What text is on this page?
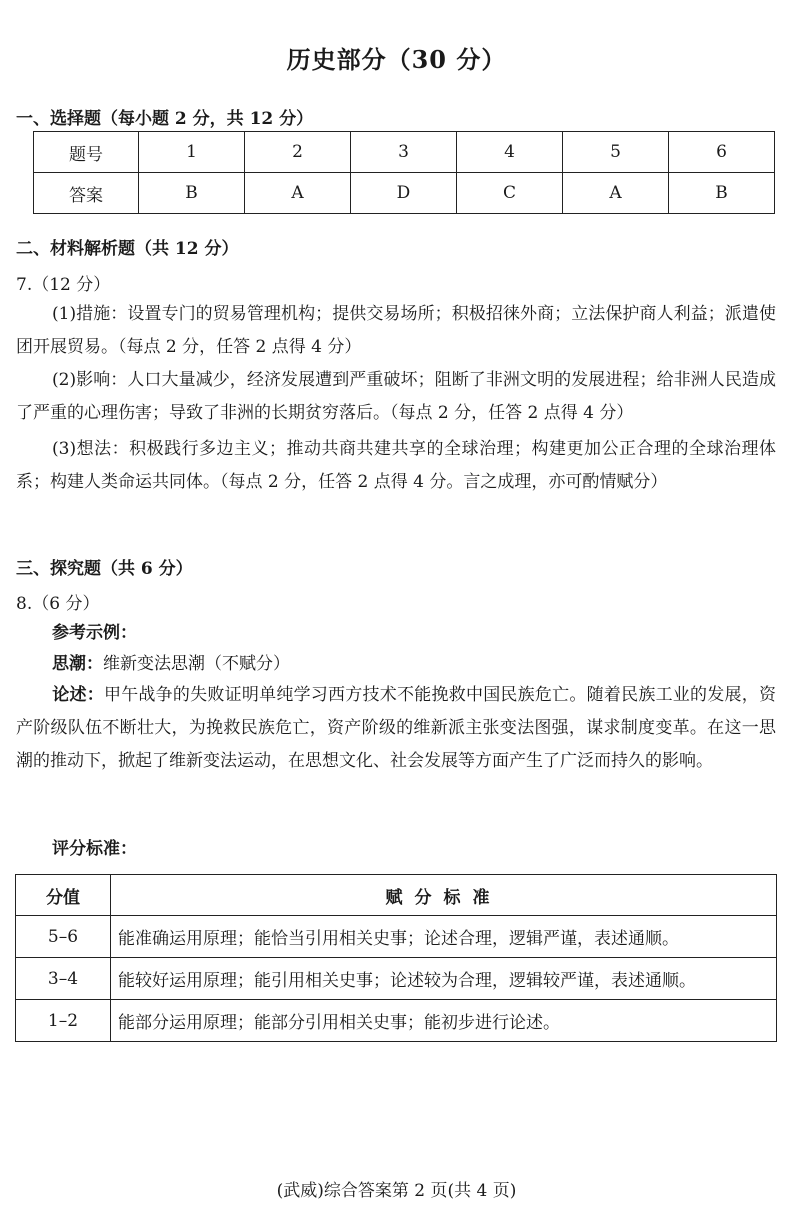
历史部分（30 分）
一、选择题（每小题 2 分，共 12 分）
题号	1	2	3	4	5	6
答案	B	A	D	C	A	B
二、材料解析题（共 12 分）
7.（12 分）
(1)措施：设置专门的贸易管理机构；提供交易场所；积极招徕外商；立法保护商人利益；派遣使团开展贸易。（每点 2 分，任答 2 点得 4 分）
(2)影响：人口大量减少，经济发展遭到严重破坏；阻断了非洲文明的发展进程；给非洲人民造成了严重的心理伤害；导致了非洲的长期贫穷落后。（每点 2 分，任答 2 点得 4 分）
(3)想法：积极践行多边主义；推动共商共建共享的全球治理；构建更加公正合理的全球治理体系；构建人类命运共同体。（每点 2 分，任答 2 点得 4 分。言之成理，亦可酌情赋分）
三、探究题（共 6 分）
8.（6 分）
参考示例：
思潮：维新变法思潮（不赋分）
论述：甲午战争的失败证明单纯学习西方技术不能挽救中国民族危亡。随着民族工业的发展，资产阶级队伍不断壮大，为挽救民族危亡，资产阶级的维新派主张变法图强，谋求制度变革。在这一思潮的推动下，掀起了维新变法运动，在思想文化、社会发展等方面产生了广泛而持久的影响。
评分标准：
分值	赋分标准
5–6	能准确运用原理；能恰当引用相关史事；论述合理，逻辑严谨，表述通顺。
3–4	能较好运用原理；能引用相关史事；论述较为合理，逻辑较严谨，表述通顺。
1–2	能部分运用原理；能部分引用相关史事；能初步进行论述。
(武威)综合答案第 2 页(共 4 页)
